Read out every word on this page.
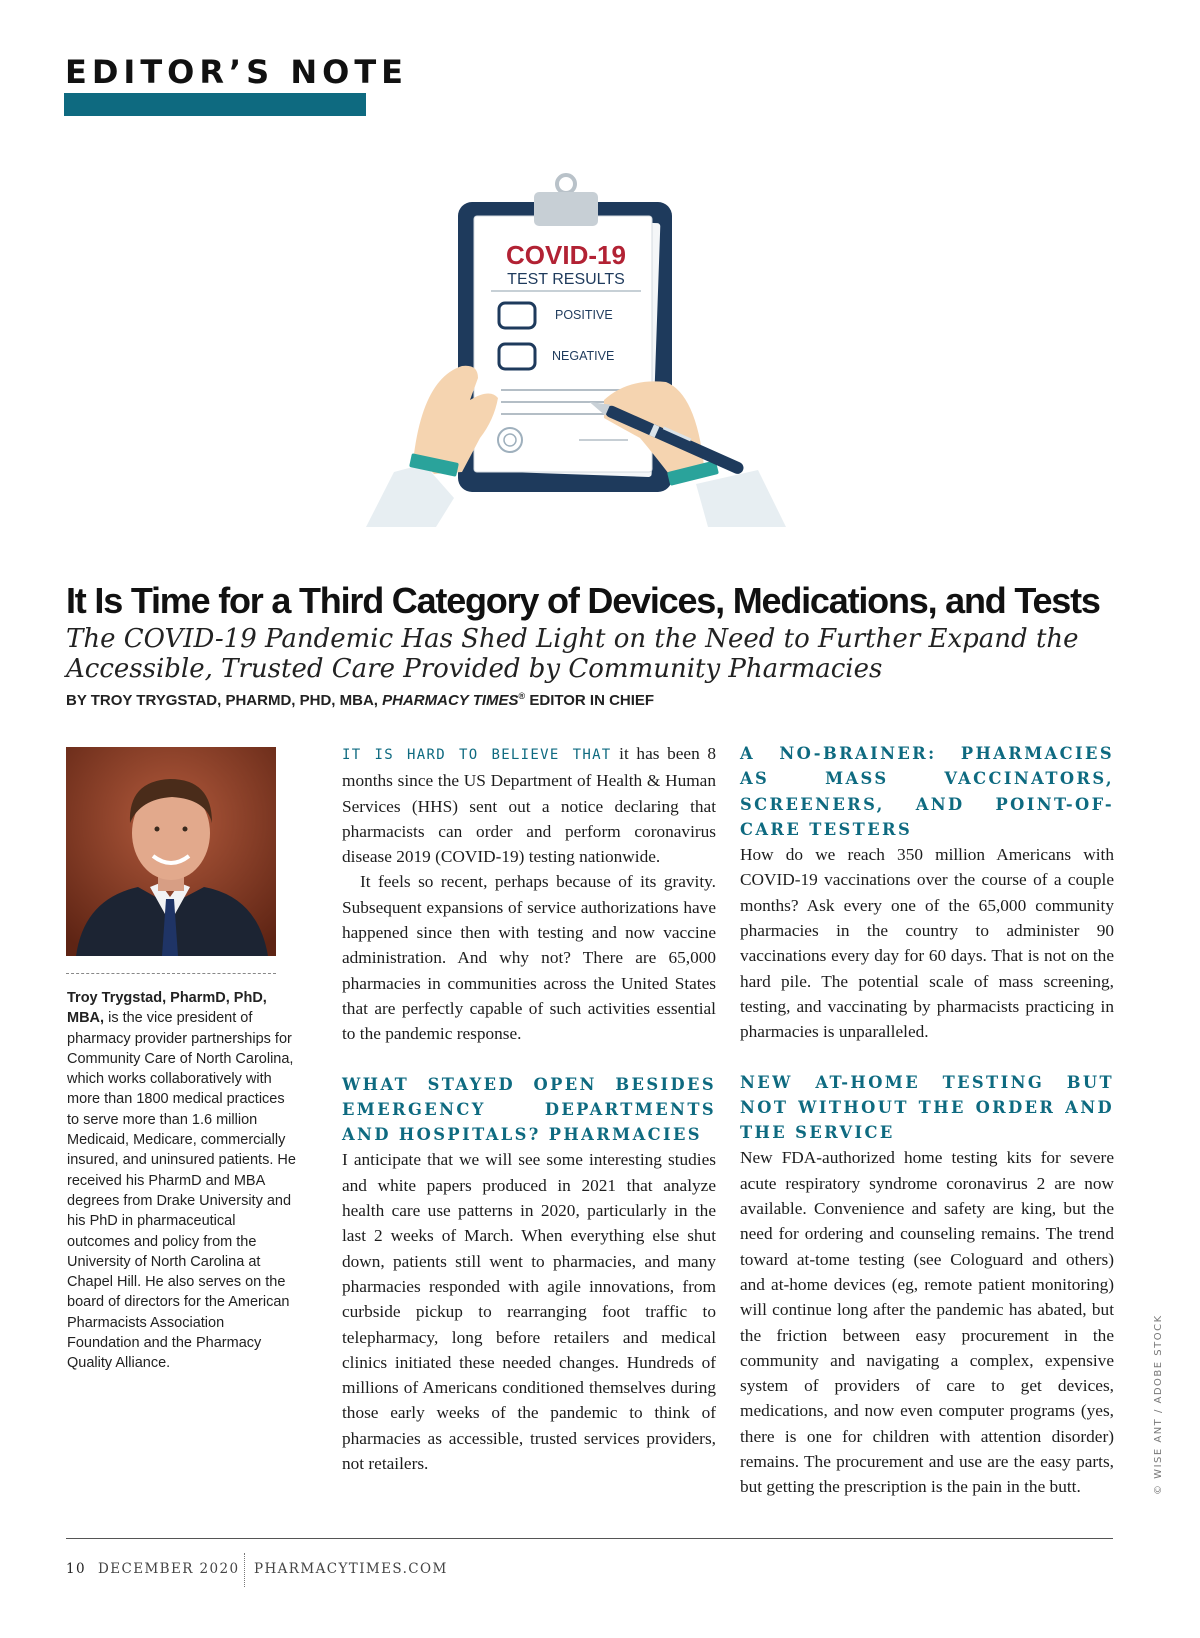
EDITOR’S NOTE
COVID-19
TEST RESULTS
POSITIVE
NEGATIVE
It Is Time for a Third Category of Devices, Medications, and Tests
The COVID-19 Pandemic Has Shed Light on the Need to Further Expand the
Accessible, Trusted Care Provided by Community Pharmacies
BY TROY TRYGSTAD, PHARMD, PHD, MBA, PHARMACY TIMES® EDITOR IN CHIEF
Troy Trygstad, PharmD, PhD, MBA, is the vice president of pharmacy provider partnerships for Community Care of North Carolina, which works collaboratively with more than 1800 medical practices to serve more than 1.6 million Medicaid, Medicare, commercially insured, and uninsured patients. He received his PharmD and MBA degrees from Drake University and his PhD in pharmaceutical outcomes and policy from the University of North Carolina at Chapel Hill. He also serves on the board of directors for the American Pharmacists Association Foundation and the Pharmacy Quality Alliance.

IT IS HARD TO BELIEVE THAT it has been 8 months since the US Department of Health & Human Services (HHS) sent out a notice declaring that pharmacists can order and perform coronavirus disease 2019 (COVID-19) testing nationwide.

It feels so recent, perhaps because of its gravity. Subsequent expansions of service authorizations have happened since then with testing and now vaccine administration. And why not? There are 65,000 pharmacies in communities across the United States that are perfectly capable of such activities essential to the pandemic response.

WHAT STAYED OPEN BESIDES EMERGENCY DEPARTMENTS AND HOSPITALS? PHARMACIES

I anticipate that we will see some interesting studies and white papers produced in 2021 that analyze health care use patterns in 2020, particularly in the last 2 weeks of March. When everything else shut down, patients still went to pharmacies, and many pharmacies responded with agile innovations, from curbside pickup to rearranging foot traffic to telepharmacy, long before retailers and medical clinics initiated these needed changes. Hundreds of millions of Americans conditioned themselves during those early weeks of the pandemic to think of pharmacies as accessible, trusted services providers, not retailers.

A NO-BRAINER: PHARMACIES AS MASS VACCINATORS, SCREENERS, AND POINT-OF-CARE TESTERS

How do we reach 350 million Americans with COVID-19 vaccinations over the course of a couple months? Ask every one of the 65,000 community pharmacies in the country to administer 90 vaccinations every day for 60 days. That is not on the hard pile. The potential scale of mass screening, testing, and vaccinating by pharmacists practicing in pharmacies is unparalleled.

NEW AT-HOME TESTING BUT NOT WITHOUT THE ORDER AND THE SERVICE

New FDA-authorized home testing kits for severe acute respiratory syndrome coronavirus 2 are now available. Convenience and safety are king, but the need for ordering and counseling remains. The trend toward at-tome testing (see Cologuard and others) and at-home devices (eg, remote patient monitoring) will continue long after the pandemic has abated, but the friction between easy procurement in the community and navigating a complex, expensive system of providers of care to get devices, medications, and now even computer programs (yes, there is one for children with attention disorder) remains. The procurement and use are the easy parts, but getting the prescription is the pain in the butt.	© WISE ANT / ADOBE STOCK
10 DECEMBER 2020 PHARMACYTIMES.COM
